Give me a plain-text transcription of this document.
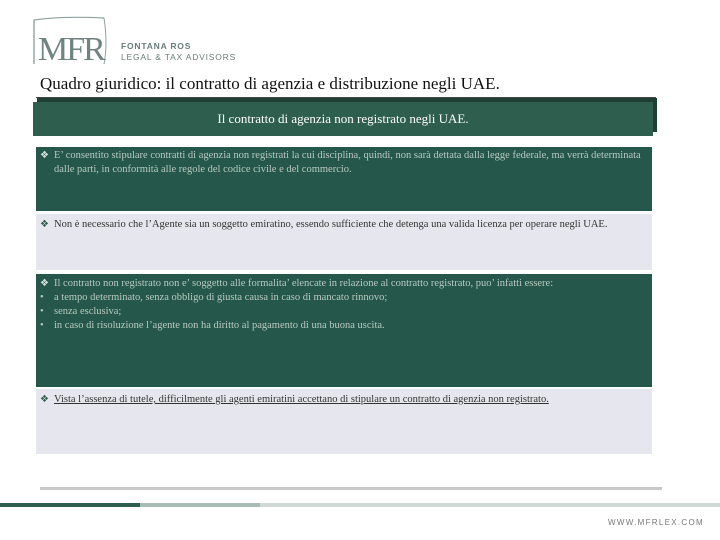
MFR FONTANA ROS
LEGAL & TAX ADVISORS
Quadro giuridico: il contratto di agenzia e distribuzione negli UAE.
Il contratto di agenzia non registrato negli UAE.

❖ E’ consentito stipulare contratti di agenzia non registrati la cui disciplina, quindi, non sarà dettata dalla legge federale, ma verrà determinata dalle parti, in conformità alle regole del codice civile e del commercio.

❖ Non è necessario che l’Agente sia un soggetto emiratino, essendo sufficiente che detenga una valida licenza per operare negli UAE.

❖ Il contratto non registrato non e’ soggetto alle formalita’ elencate in relazione al contratto registrato, puo’ infatti essere:

• a tempo determinato, senza obbligo di giusta causa in caso di mancato rinnovo;

• senza esclusiva;

• in caso di risoluzione l’agente non ha diritto al pagamento di una buona uscita.

❖ Vista l’assenza di tutele, difficilmente gli agenti emiratini accettano di stipulare un contratto di agenzia non registrato.

WWW.MFRLEX.COM
